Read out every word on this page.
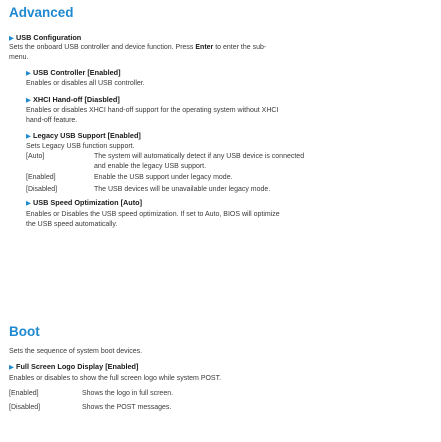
Advanced
▶ USB Configuration
Sets the onboard USB controller and device function. Press Enter to enter the sub-
menu.
▶ USB Controller [Enabled]
Enables or disables all USB controller.
▶ XHCI Hand-off [Diasbled]
Enables or disables XHCI hand-off support for the operating system without XHCI
hand-off feature.
▶ Legacy USB Support [Enabled]
Sets Legacy USB function support.
[Auto]	The system will automatically detect if any USB device is connected
and enable the legacy USB support.
[Enabled]	Enable the USB support under legacy mode.
[Disabled]	The USB devices will be unavailable under legacy mode.
▶ USB Speed Optimization [Auto]
Enables or Disables the USB speed optimization. If set to Auto, BIOS will optimize
the USB speed automatically.
Boot
Sets the sequence of system boot devices.
▶ Full Screen Logo Display [Enabled]
Enables or disables to show the full screen logo while system POST.
[Enabled]	Shows the logo in full screen.
[Disabled]	Shows the POST messages.
